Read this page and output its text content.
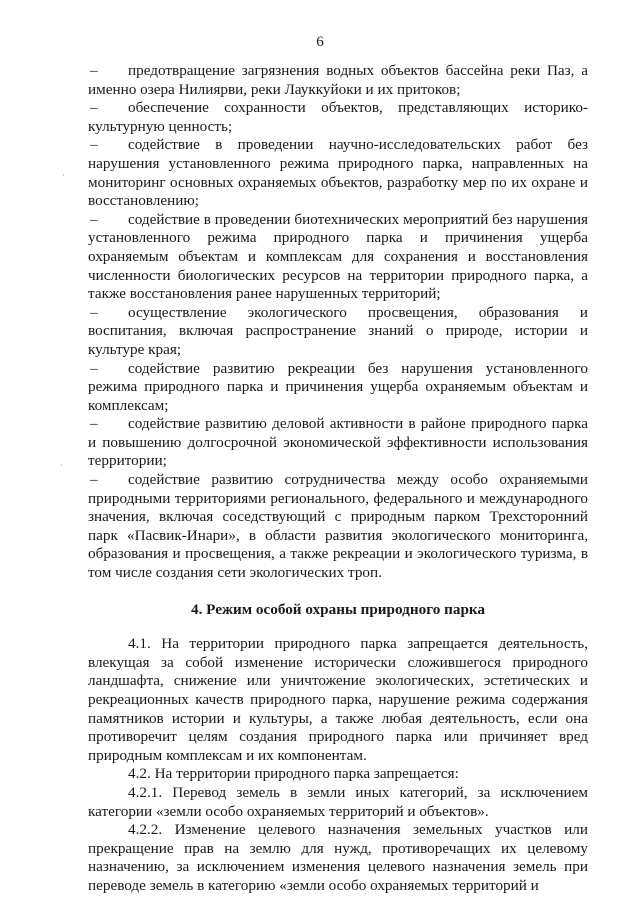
6
·
·

– предотвращение загрязнения водных объектов бассейна реки Паз, а именно озера Нилиярви, реки Лауккуйоки и их притоков;

– обеспечение сохранности объектов, представляющих историко-культурную ценность;

– содействие в проведении научно-исследовательских работ без нарушения установленного режима природного парка, направленных на мониторинг основных охраняемых объектов, разработку мер по их охране и восстановлению;

– содействие в проведении биотехнических мероприятий без нарушения установленного режима природного парка и причинения ущерба охраняемым объектам и комплексам для сохранения и восстановления численности биологических ресурсов на территории природного парка, а также восстановления ранее нарушенных территорий;

– осуществление экологического просвещения, образования и воспитания, включая распространение знаний о природе, истории и культуре края;

– содействие развитию рекреации без нарушения установленного режима природного парка и причинения ущерба охраняемым объектам и комплексам;

– содействие развитию деловой активности в районе природного парка и повышению долгосрочной экономической эффективности использования территории;

– содействие развитию сотрудничества между особо охраняемыми природными территориями регионального, федерального и международного значения, включая соседствующий с природным парком Трехсторонний парк «Пасвик-Инари», в области развития экологического мониторинга, образования и просвещения, а также рекреации и экологического туризма, в том числе создания сети экологических троп.

4. Режим особой охраны природного парка

4.1. На территории природного парка запрещается деятельность, влекущая за собой изменение исторически сложившегося природного ландшафта, снижение или уничтожение экологических, эстетических и рекреационных качеств природного парка, нарушение режима содержания памятников истории и культуры, а также любая деятельность, если она противоречит целям создания природного парка или причиняет вред природным комплексам и их компонентам.

4.2. На территории природного парка запрещается:

4.2.1. Перевод земель в земли иных категорий, за исключением категории «земли особо охраняемых территорий и объектов».

4.2.2. Изменение целевого назначения земельных участков или прекращение прав на землю для нужд, противоречащих их целевому назначению, за исключением изменения целевого назначения земель при переводе земель в категорию «земли особо охраняемых территорий и
